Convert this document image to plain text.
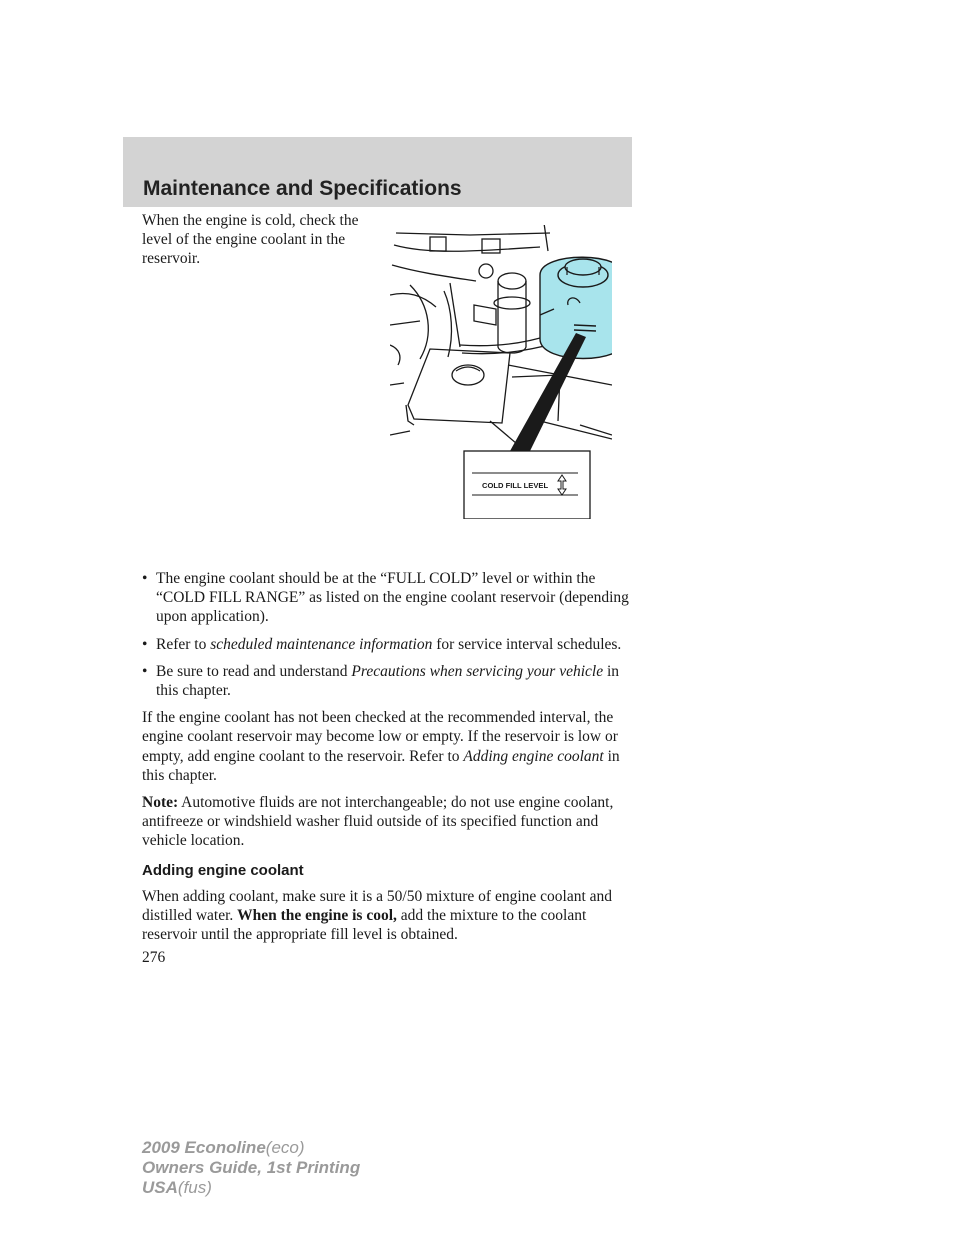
Maintenance and Specifications

When the engine is cold, check the level of the engine coolant in the reservoir.

COLD FILL LEVEL
• The engine coolant should be at the “FULL COLD” level or within the “COLD FILL RANGE” as listed on the engine coolant reservoir (depending upon application).
• Refer to scheduled maintenance information for service interval schedules.
• Be sure to read and understand Precautions when servicing your vehicle in this chapter.

If the engine coolant has not been checked at the recommended interval, the engine coolant reservoir may become low or empty. If the reservoir is low or empty, add engine coolant to the reservoir. Refer to Adding engine coolant in this chapter.

Note: Automotive fluids are not interchangeable; do not use engine coolant, antifreeze or windshield washer fluid outside of its specified function and vehicle location.

Adding engine coolant

When adding coolant, make sure it is a 50/50 mixture of engine coolant and distilled water. When the engine is cool, add the mixture to the coolant reservoir until the appropriate fill level is obtained.

276

2009 Econoline(eco)
Owners Guide, 1st Printing
USA(fus)
